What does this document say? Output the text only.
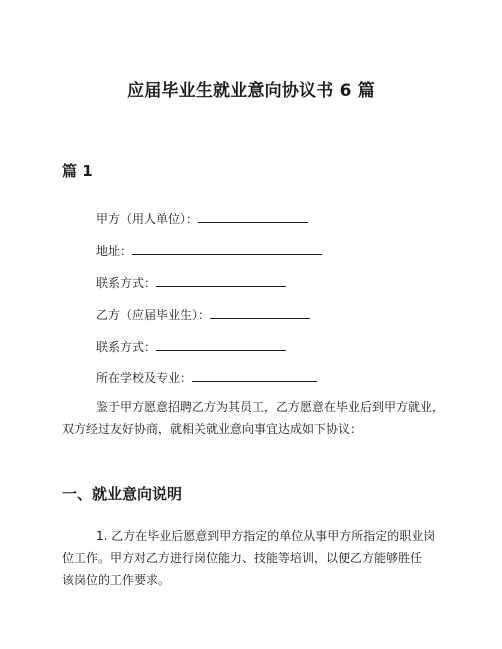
应届毕业生就业意向协议书 6 篇
篇 1
甲方（用人单位）：
地址：
联系方式：
乙方（应届毕业生）：
联系方式：
所在学校及专业：
鉴于甲方愿意招聘乙方为其员工，乙方愿意在毕业后到甲方就业，
双方经过友好协商，就相关就业意向事宜达成如下协议：
一、就业意向说明
1. 乙方在毕业后愿意到甲方指定的单位从事甲方所指定的职业岗
位工作。甲方对乙方进行岗位能力、技能等培训，以便乙方能够胜任
该岗位的工作要求。
